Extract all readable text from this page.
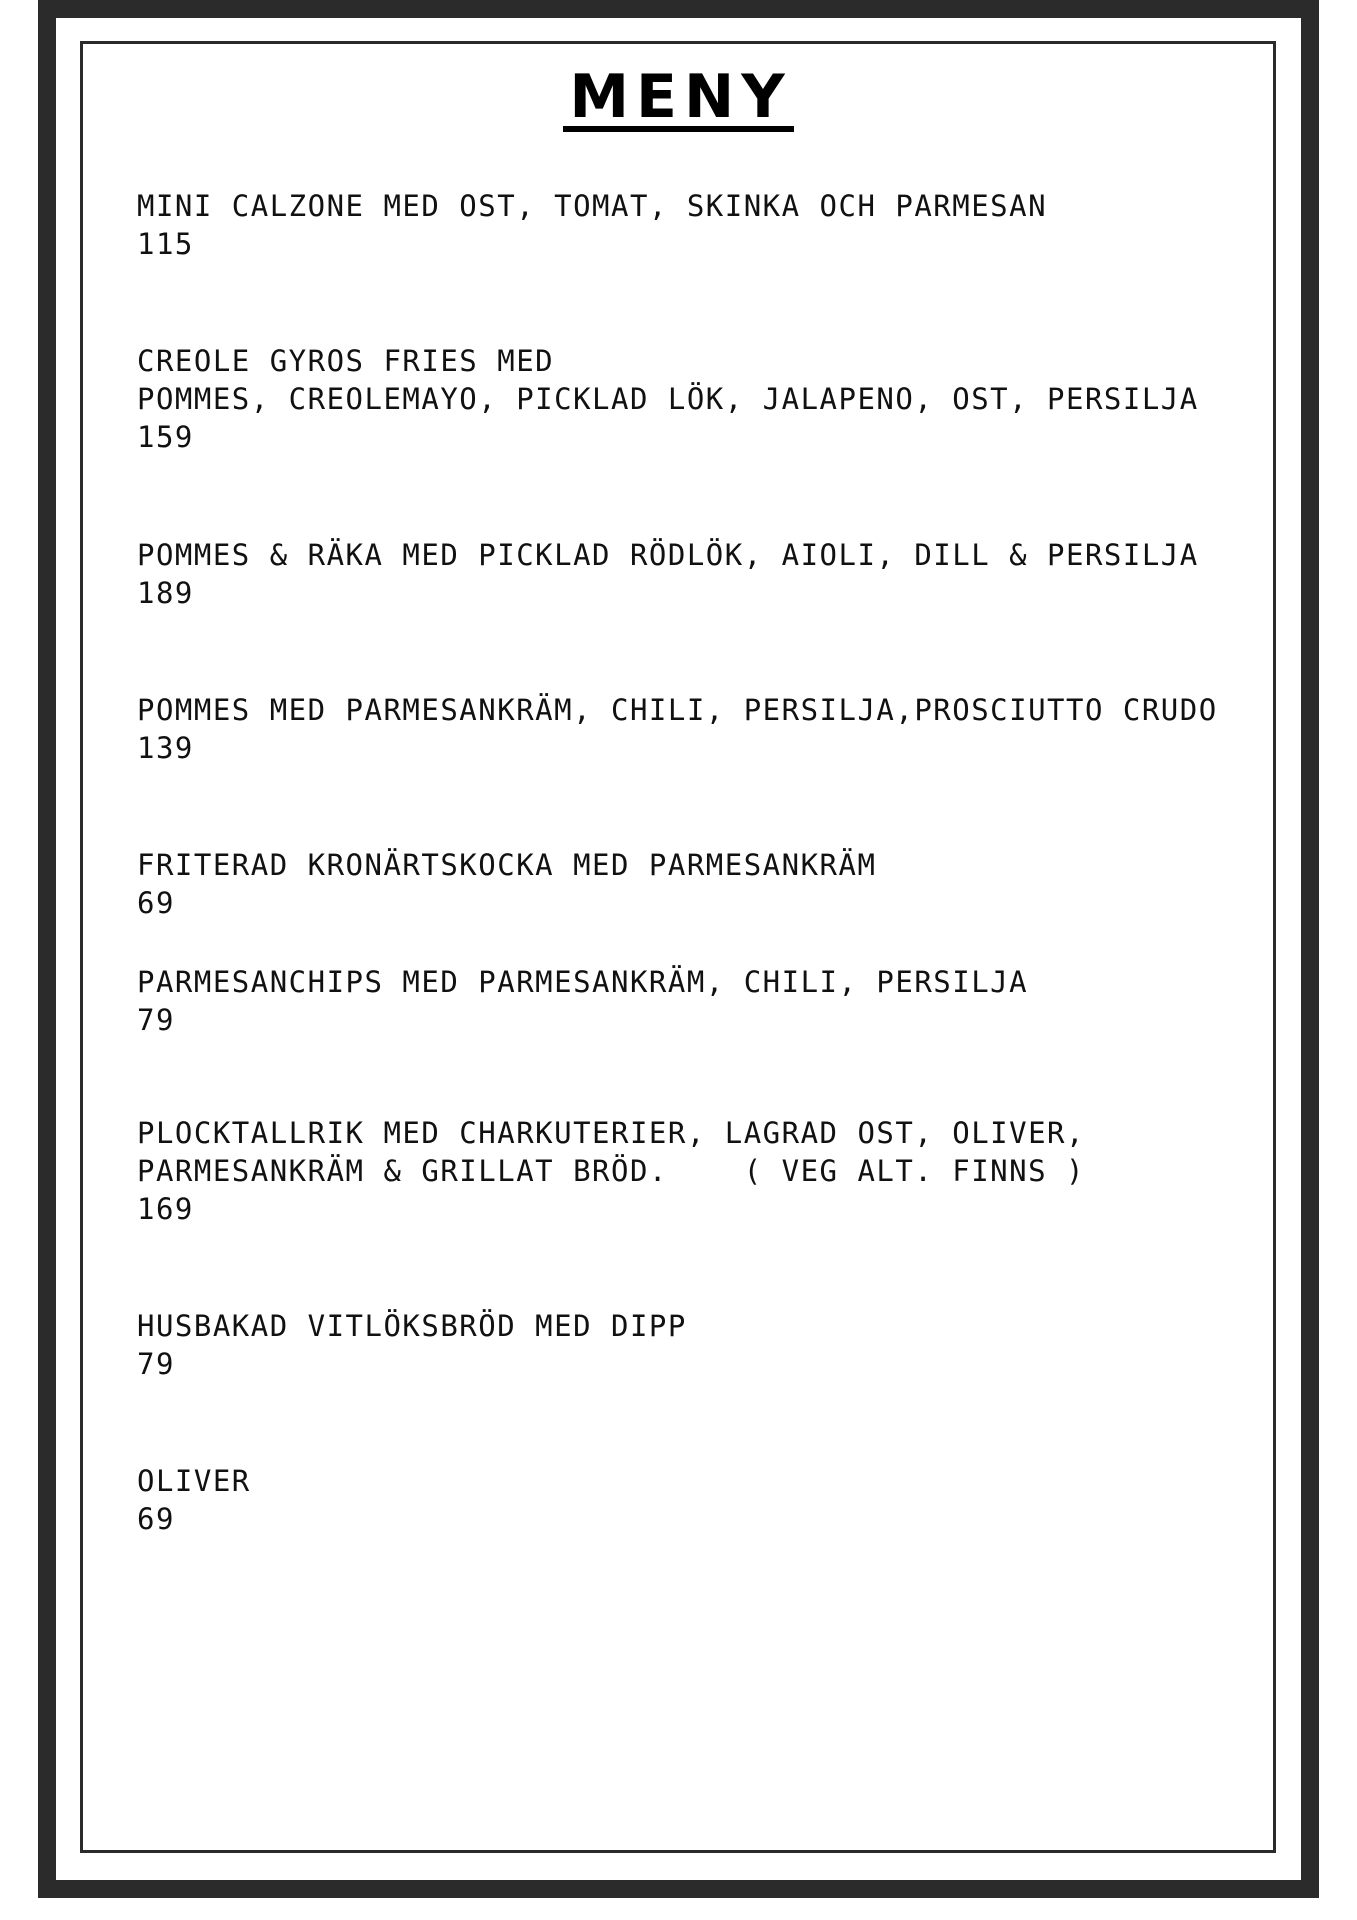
MENY
MINI CALZONE MED OST, TOMAT, SKINKA OCH PARMESAN
115
CREOLE GYROS FRIES MED
POMMES, CREOLEMAYO, PICKLAD LÖK, JALAPENO, OST, PERSILJA
159
POMMES & RÄKA MED PICKLAD RÖDLÖK, AIOLI, DILL & PERSILJA
189
POMMES MED PARMESANKRÄM, CHILI, PERSILJA,PROSCIUTTO CRUDO
139
FRITERAD KRONÄRTSKOCKA MED PARMESANKRÄM
69
PARMESANCHIPS MED PARMESANKRÄM, CHILI, PERSILJA
79
PLOCKTALLRIK MED CHARKUTERIER, LAGRAD OST, OLIVER,
PARMESANKRÄM & GRILLAT BRÖD.    ( VEG ALT. FINNS )
169
HUSBAKAD VITLÖKSBRÖD MED DIPP
79
OLIVER
69
